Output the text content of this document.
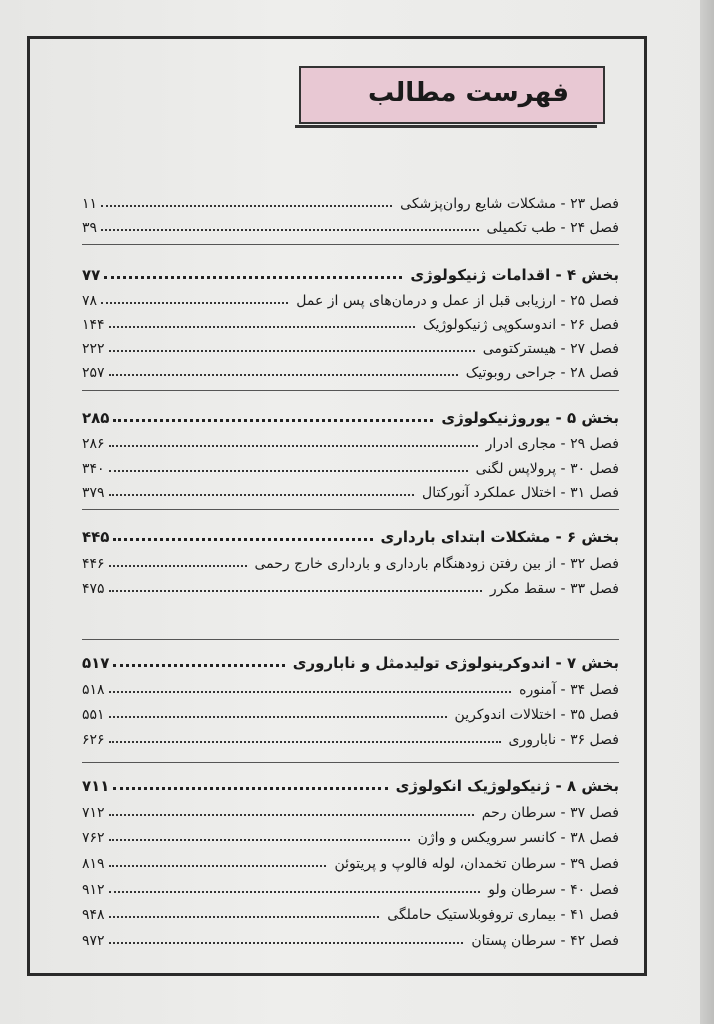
فهرست مطالب
فصل ۲۳ - مشکلات شایع روان‌پزشکی
۱۱
فصل ۲۴ - طب تکمیلی
۳۹
بخش ۴ - اقدامات ژنیکولوژی
۷۷
فصل ۲۵ - ارزیابی قبل از عمل و درمان‌های پس از عمل
۷۸
فصل ۲۶ - اندوسکوپی ژنیکولوژیک
۱۴۴
فصل ۲۷ - هیسترکتومی
۲۲۲
فصل ۲۸ - جراحی روبوتیک
۲۵۷
بخش ۵ - یوروژنیکولوژی
۲۸۵
فصل ۲۹ - مجاری ادرار
۲۸۶
فصل ۳۰ - پرولاپس لگنی
۳۴۰
فصل ۳۱ - اختلال عملکرد آنورکتال
۳۷۹
بخش ۶ - مشکلات ابتدای بارداری
۴۴۵
فصل ۳۲ - از بین رفتن زودهنگام بارداری و بارداری خارج رحمی
۴۴۶
فصل ۳۳ - سقط مکرر
۴۷۵
بخش ۷ - اندوکرینولوژی تولیدمثل و ناباروری
۵۱۷
فصل ۳۴ - آمنوره
۵۱۸
فصل ۳۵ - اختلالات اندوکرین
۵۵۱
فصل ۳۶ - ناباروری
۶۲۶
بخش ۸ - ژنیکولوژیک انکولوژی
۷۱۱
فصل ۳۷ - سرطان رحم
۷۱۲
فصل ۳۸ - کانسر سرویکس و واژن
۷۶۲
فصل ۳۹ - سرطان تخمدان، لوله فالوپ و پریتوئن
۸۱۹
فصل ۴۰ - سرطان ولو
۹۱۲
فصل ۴۱ - بیماری تروفوبلاستیک حاملگی
۹۴۸
فصل ۴۲ - سرطان پستان
۹۷۲
